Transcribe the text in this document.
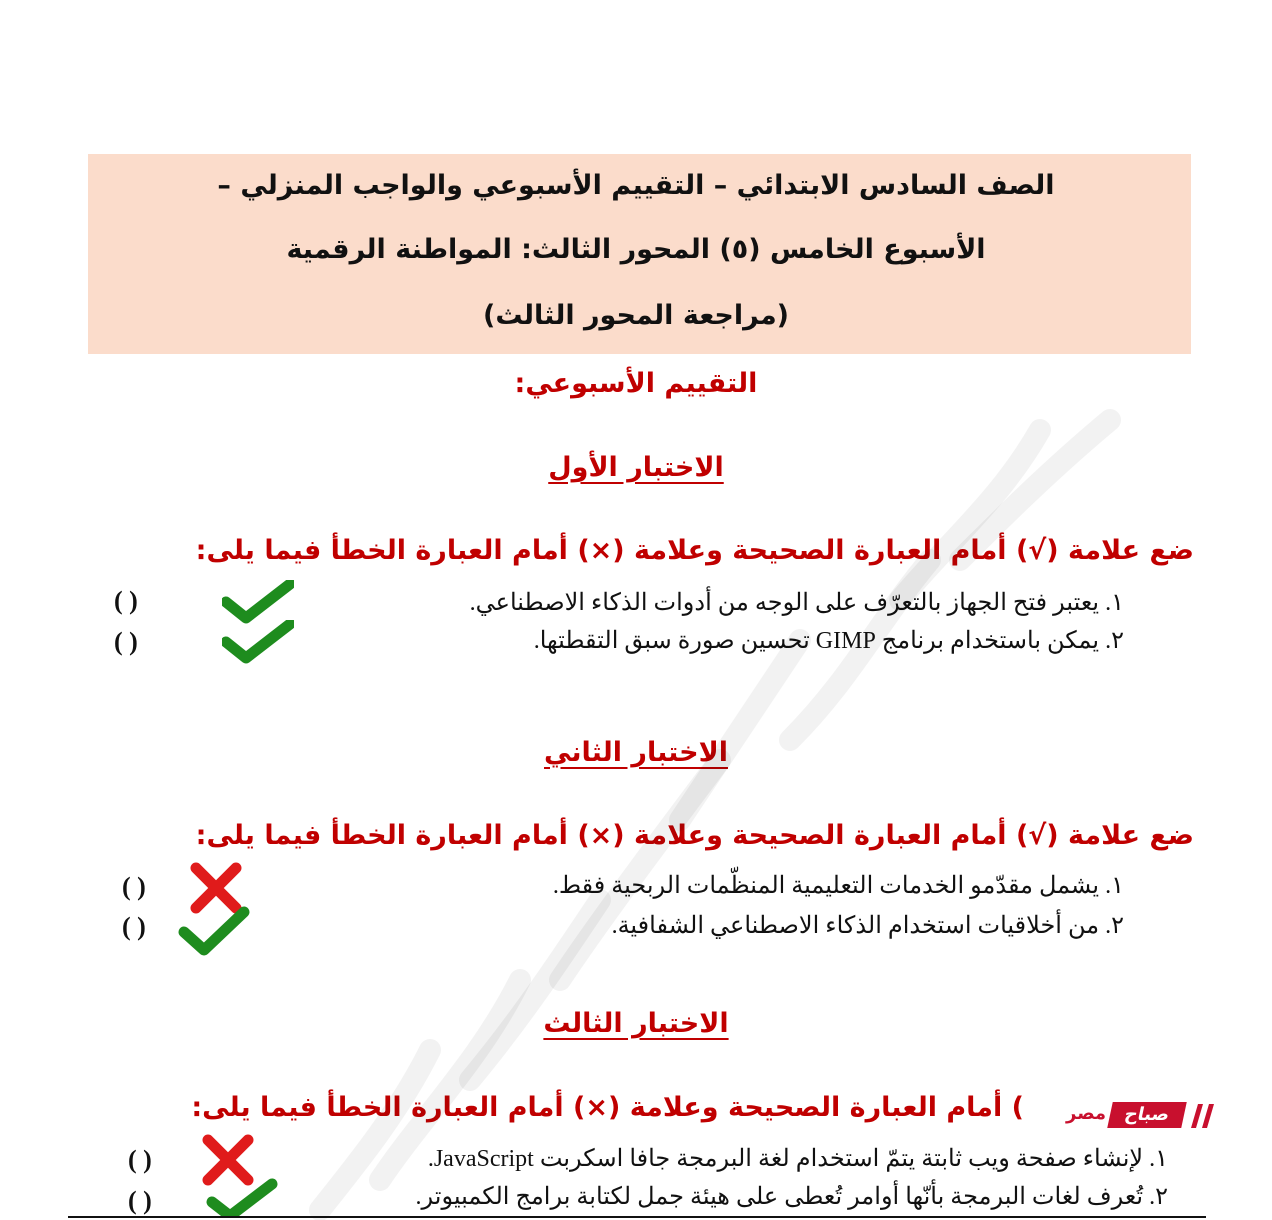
الصف السادس الابتدائي – التقييم الأسبوعي والواجب المنزلي –
الأسبوع الخامس (٥) المحور الثالث: المواطنة الرقمية
(مراجعة المحور الثالث)
التقييم الأسبوعي:
الاختبار الأول
ضع علامة (√) أمام العبارة الصحيحة وعلامة (×) أمام العبارة الخطأ فيما يلى:
١. يعتبر فتح الجهاز بالتعرّف على الوجه من أدوات الذكاء الاصطناعي.
٢. يمكن باستخدام برنامج GIMP تحسين صورة سبق التقطتها.
( )
( )
الاختبار الثاني
ضع علامة (√) أمام العبارة الصحيحة وعلامة (×) أمام العبارة الخطأ فيما يلى:
١. يشمل مقدّمو الخدمات التعليمية المنظّمات الربحية فقط.
٢. من أخلاقيات استخدام الذكاء الاصطناعي الشفافية.
( )
( )
الاختبار الثالث
) أمام العبارة الصحيحة وعلامة (×) أمام العبارة الخطأ فيما يلى:
١. لإنشاء صفحة ويب ثابتة يتمّ استخدام لغة البرمجة جافا اسكربت JavaScript.
٢. تُعرف لغات البرمجة بأنّها أوامر تُعطى على هيئة جمل لكتابة برامج الكمبيوتر.
( )
( )
مصر صباح
